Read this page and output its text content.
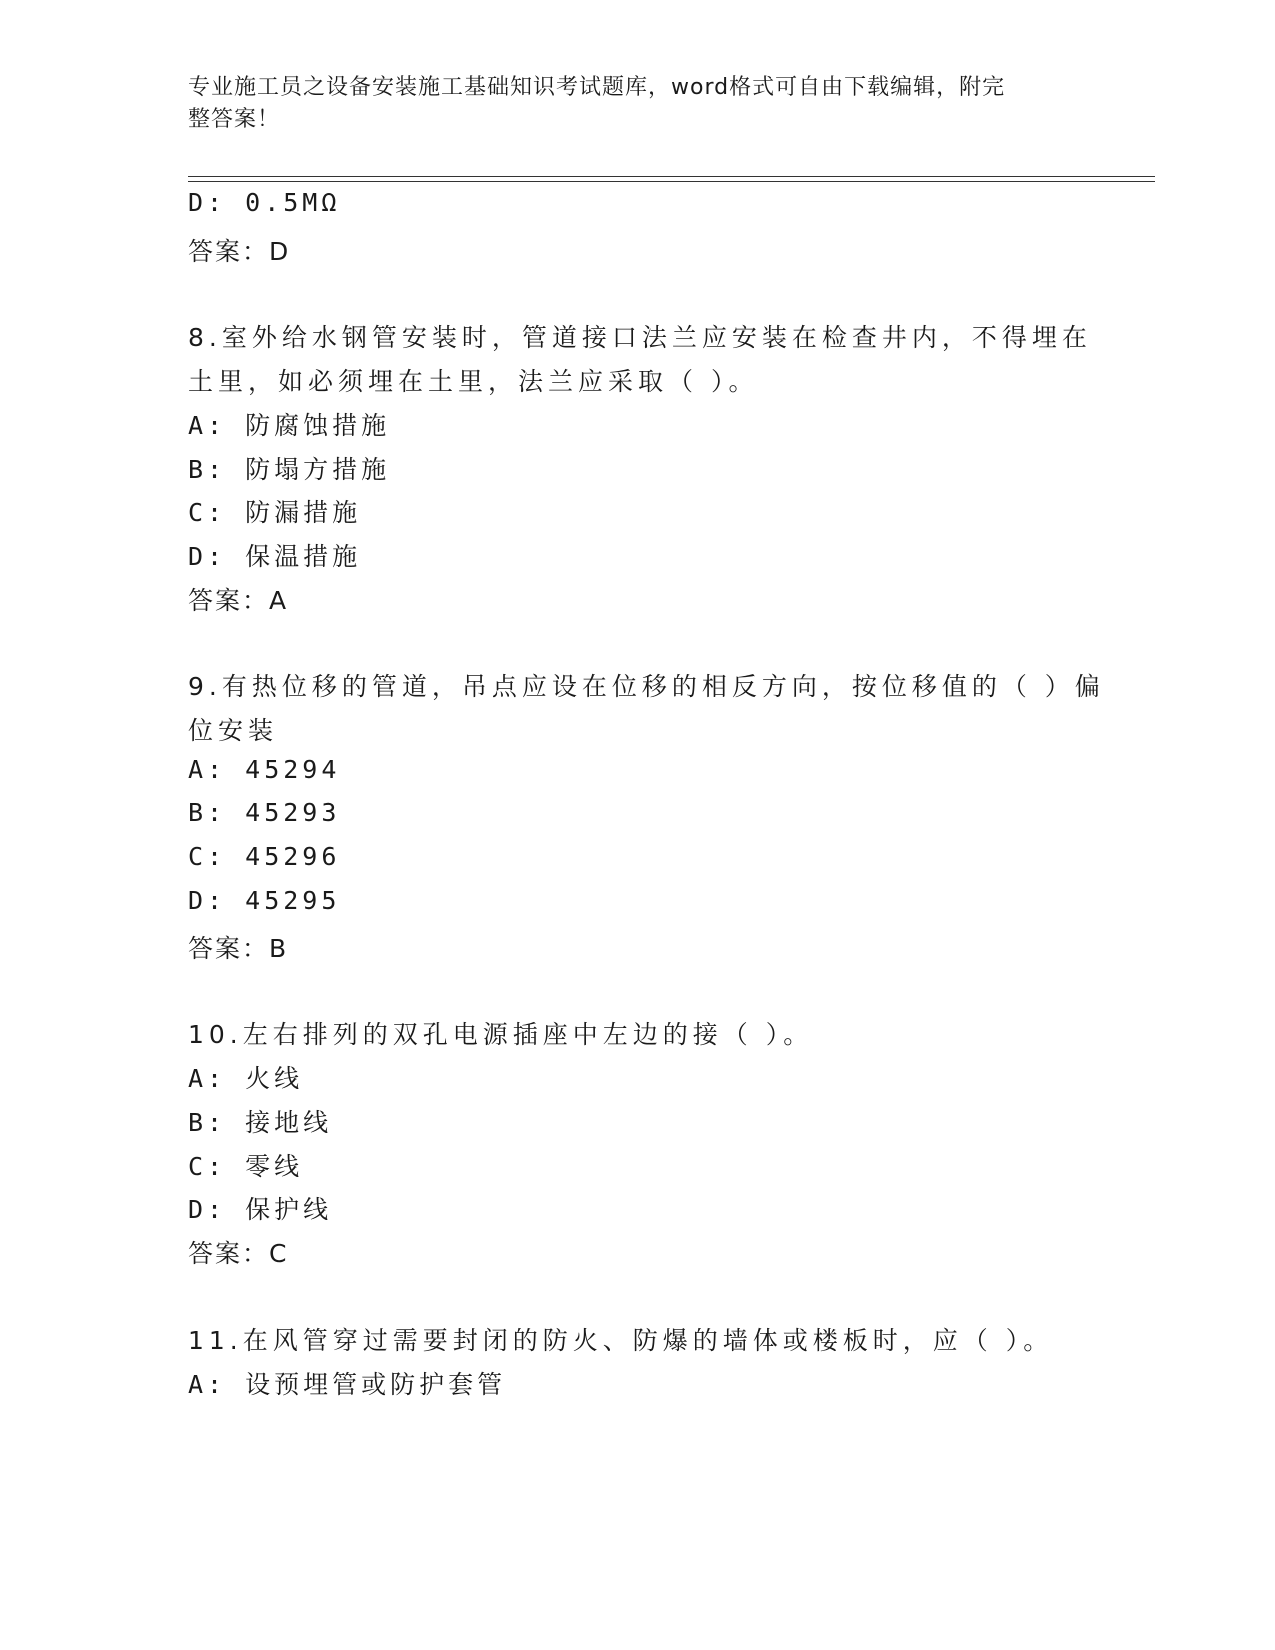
专业施工员之设备安装施工基础知识考试题库，word格式可自由下载编辑，附完
整答案！
D: 0.5MΩ
答案：D
8.室外给水钢管安装时，管道接口法兰应安装在检查井内，不得埋在
土里，如必须埋在土里，法兰应采取（ ）。
A: 防腐蚀措施
B: 防塌方措施
C: 防漏措施
D: 保温措施
答案：A
9.有热位移的管道，吊点应设在位移的相反方向，按位移值的（ ）偏
位安装
A: 45294
B: 45293
C: 45296
D: 45295
答案：B
10.左右排列的双孔电源插座中左边的接（ ）。
A: 火线
B: 接地线
C: 零线
D: 保护线
答案：C
11.在风管穿过需要封闭的防火、防爆的墙体或楼板时，应（ ）。
A: 设预埋管或防护套管
